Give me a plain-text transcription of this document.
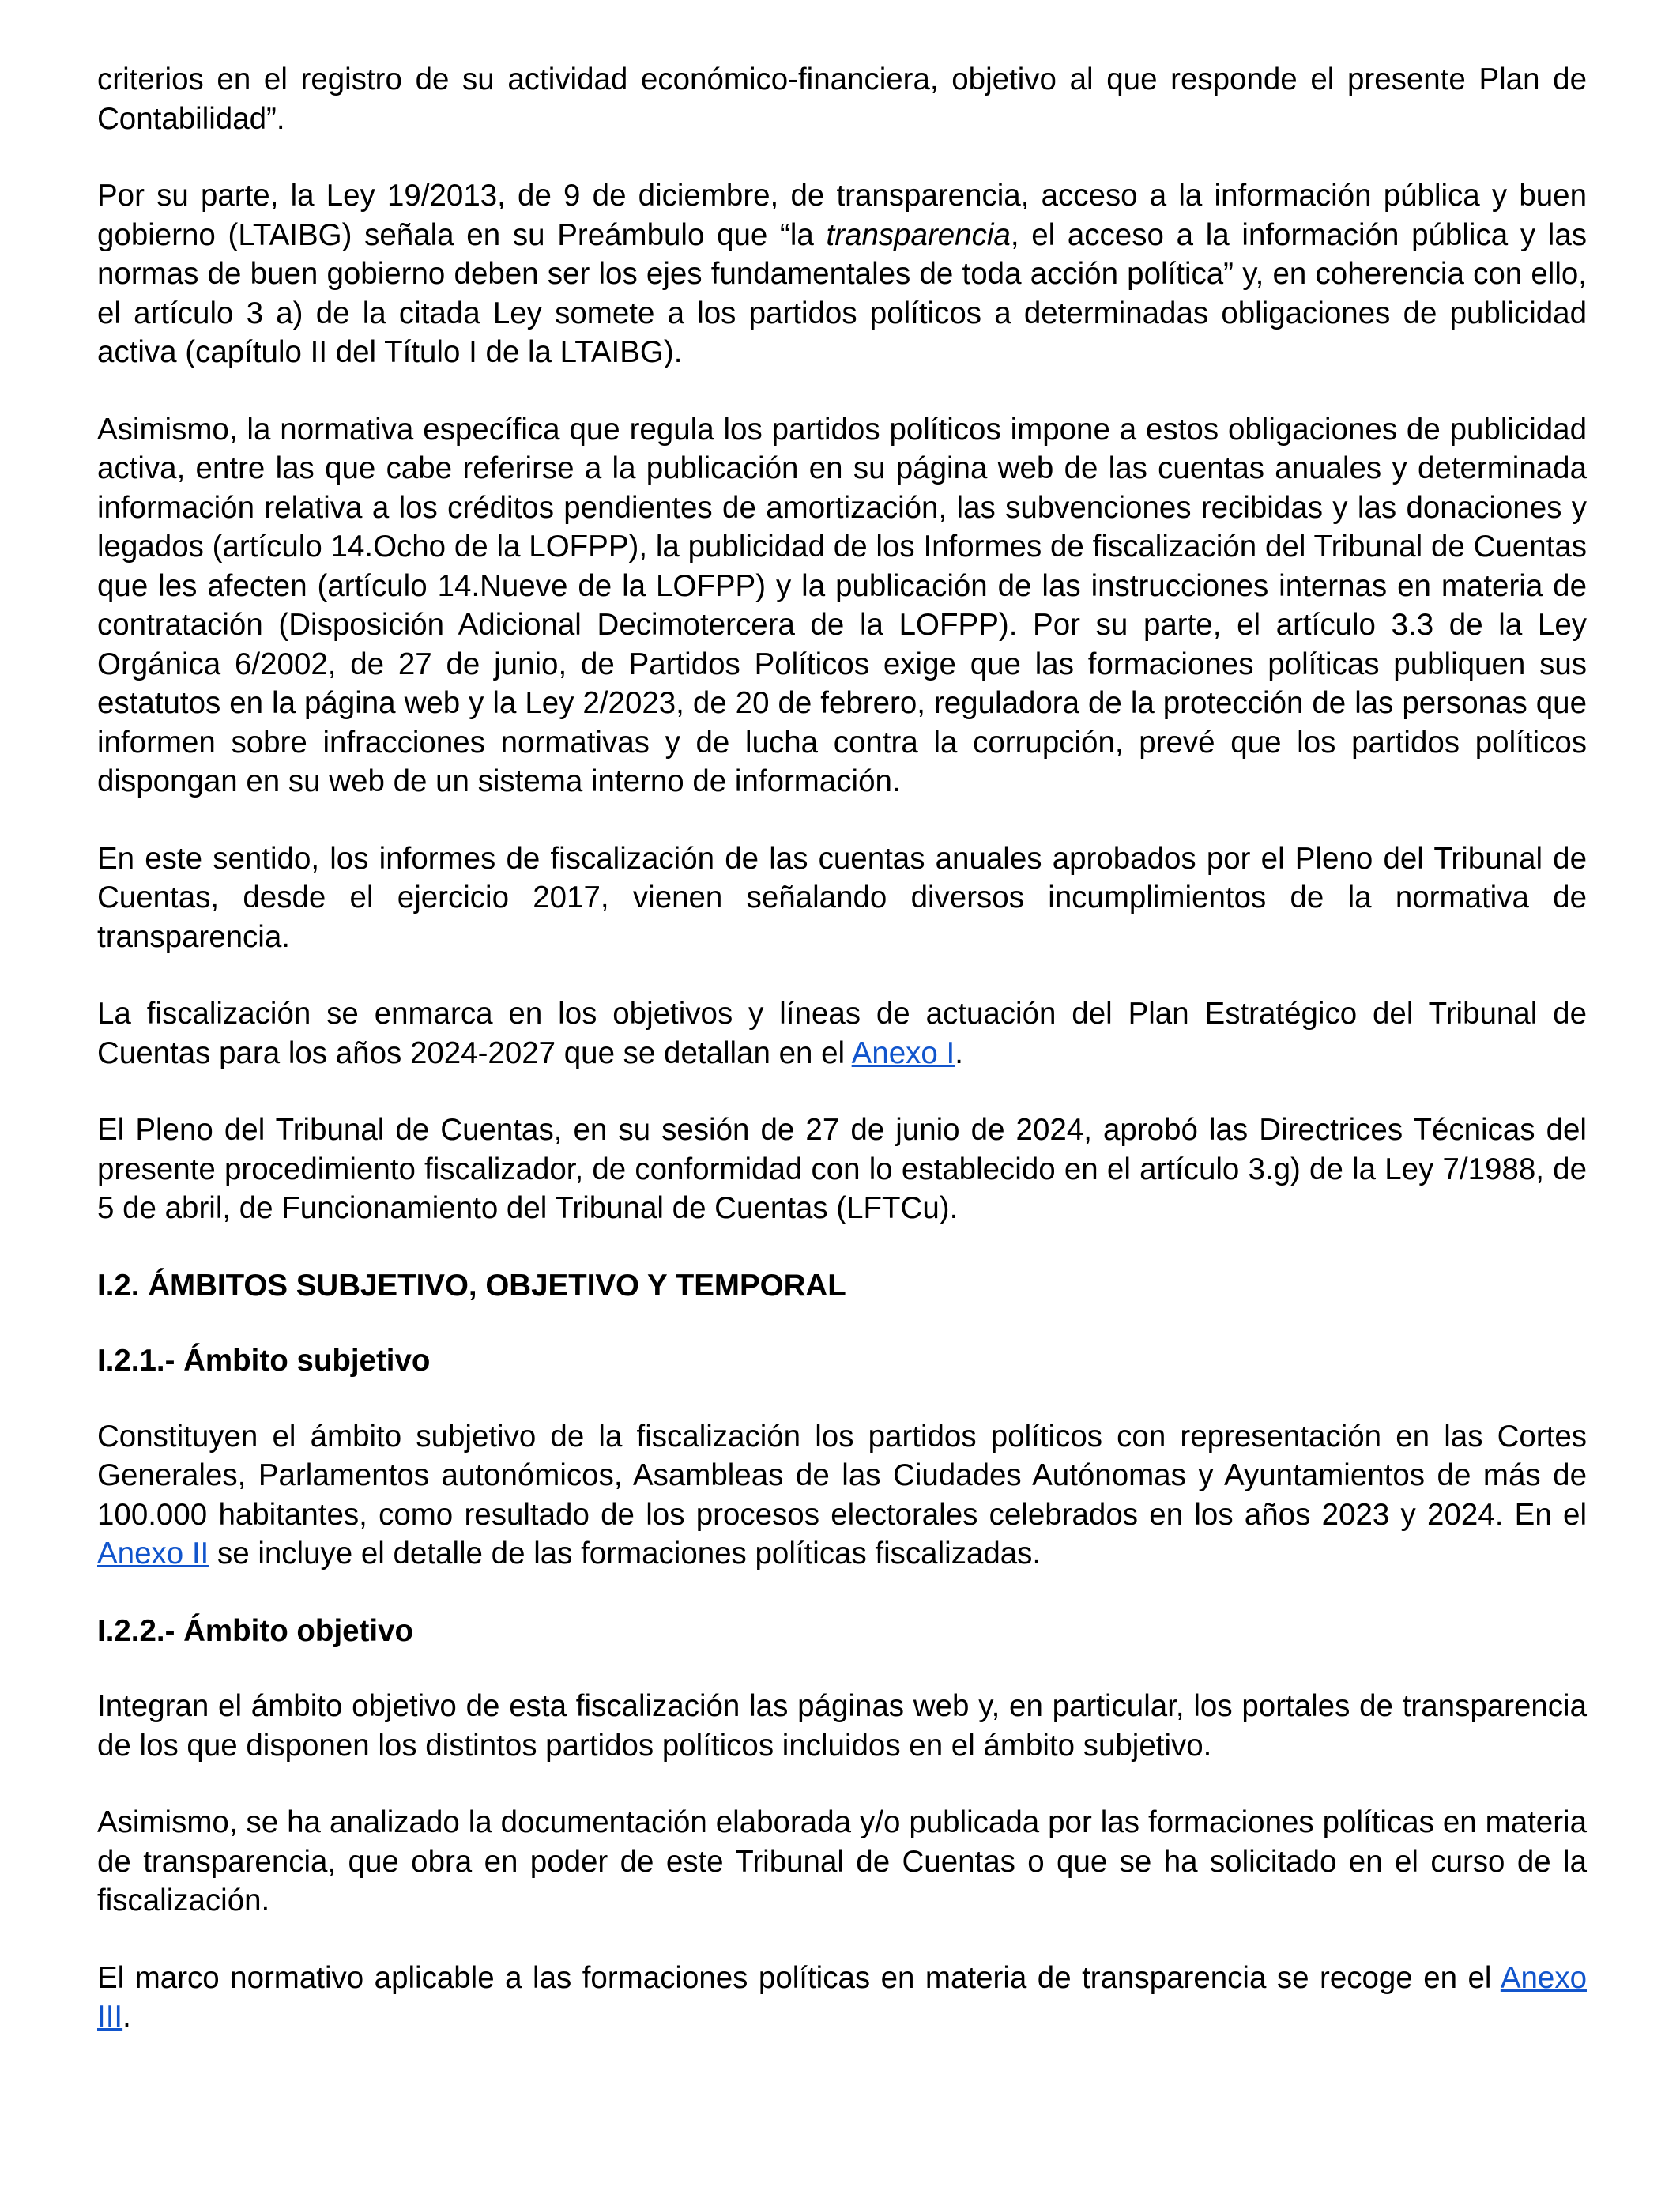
criterios en el registro de su actividad económico-financiera, objetivo al que responde el presente Plan de Contabilidad”.

Por su parte, la Ley 19/2013, de 9 de diciembre, de transparencia, acceso a la información pública y buen gobierno (LTAIBG) señala en su Preámbulo que “la transparencia, el acceso a la información pública y las normas de buen gobierno deben ser los ejes fundamentales de toda acción política” y, en coherencia con ello, el artículo 3 a) de la citada Ley somete a los partidos políticos a determinadas obligaciones de publicidad activa (capítulo II del Título I de la LTAIBG).

Asimismo, la normativa específica que regula los partidos políticos impone a estos obligaciones de publicidad activa, entre las que cabe referirse a la publicación en su página web de las cuentas anuales y determinada información relativa a los créditos pendientes de amortización, las subvenciones recibidas y las donaciones y legados (artículo 14.Ocho de la LOFPP), la publicidad de los Informes de fiscalización del Tribunal de Cuentas que les afecten (artículo 14.Nueve de la LOFPP) y la publicación de las instrucciones internas en materia de contratación (Disposición Adicional Decimotercera de la LOFPP). Por su parte, el artículo 3.3 de la Ley Orgánica 6/2002, de 27 de junio, de Partidos Políticos exige que las formaciones políticas publiquen sus estatutos en la página web y la Ley 2/2023, de 20 de febrero, reguladora de la protección de las personas que informen sobre infracciones normativas y de lucha contra la corrupción, prevé que los partidos políticos dispongan en su web de un sistema interno de información.

En este sentido, los informes de fiscalización de las cuentas anuales aprobados por el Pleno del Tribunal de Cuentas, desde el ejercicio 2017, vienen señalando diversos incumplimientos de la normativa de transparencia.

La fiscalización se enmarca en los objetivos y líneas de actuación del Plan Estratégico del Tribunal de Cuentas para los años 2024-2027 que se detallan en el Anexo I.

El Pleno del Tribunal de Cuentas, en su sesión de 27 de junio de 2024, aprobó las Directrices Técnicas del presente procedimiento fiscalizador, de conformidad con lo establecido en el artículo 3.g) de la Ley 7/1988, de 5 de abril, de Funcionamiento del Tribunal de Cuentas (LFTCu).

I.2. ÁMBITOS SUBJETIVO, OBJETIVO Y TEMPORAL
I.2.1.- Ámbito subjetivo

Constituyen el ámbito subjetivo de la fiscalización los partidos políticos con representación en las Cortes Generales, Parlamentos autonómicos, Asambleas de las Ciudades Autónomas y Ayuntamientos de más de 100.000 habitantes, como resultado de los procesos electorales celebrados en los años 2023 y 2024. En el Anexo II se incluye el detalle de las formaciones políticas fiscalizadas.

I.2.2.- Ámbito objetivo

Integran el ámbito objetivo de esta fiscalización las páginas web y, en particular, los portales de transparencia de los que disponen los distintos partidos políticos incluidos en el ámbito subjetivo.

Asimismo, se ha analizado la documentación elaborada y/o publicada por las formaciones políticas en materia de transparencia, que obra en poder de este Tribunal de Cuentas o que se ha solicitado en el curso de la fiscalización.

El marco normativo aplicable a las formaciones políticas en materia de transparencia se recoge en el Anexo III.
